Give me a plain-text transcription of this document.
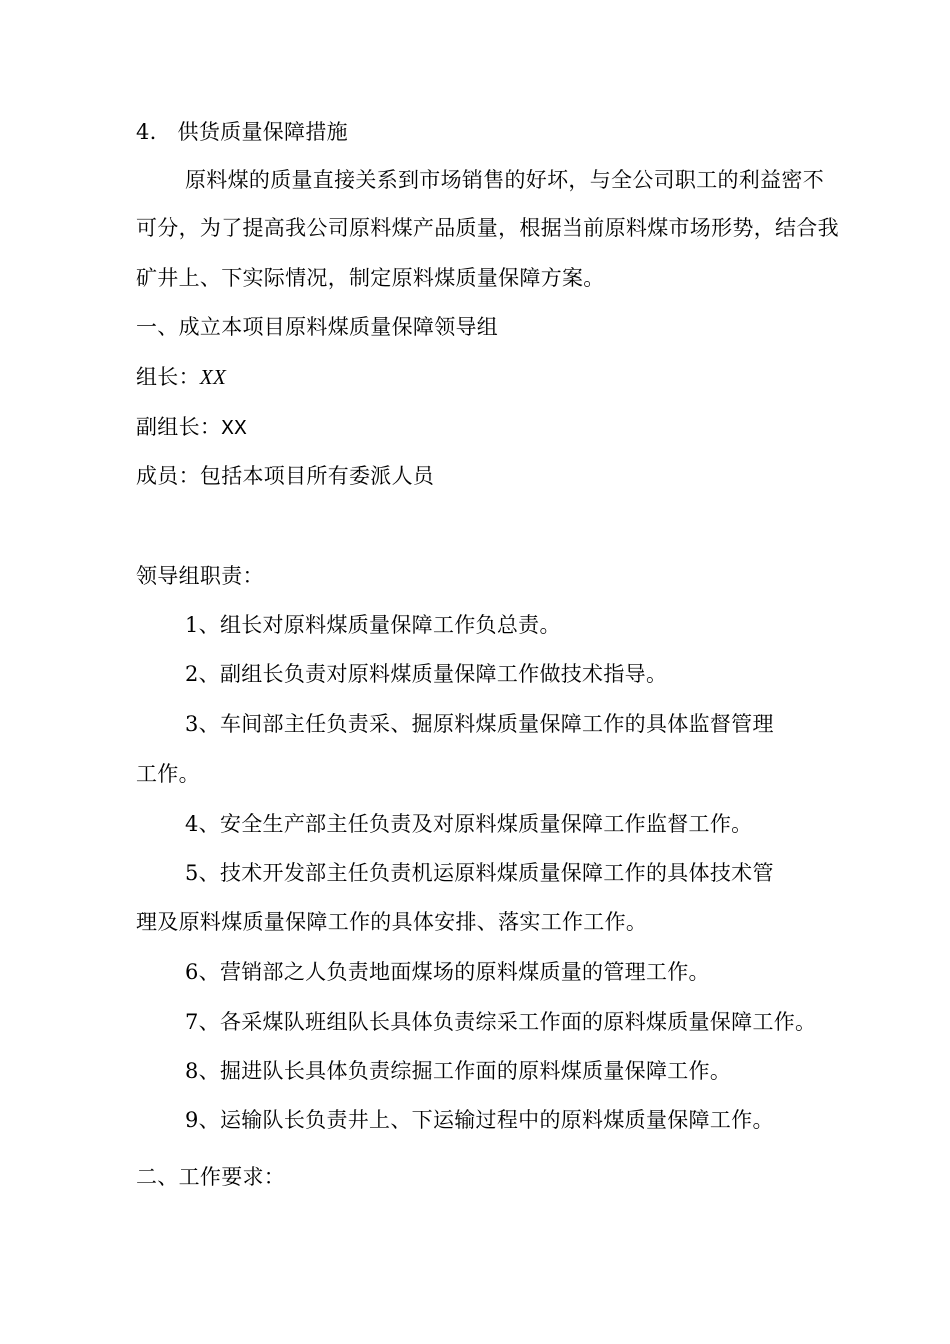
4.   供货质量保障措施
原料煤的质量直接关系到市场销售的好坏，与全公司职工的利益密不
可分，为了提高我公司原料煤产品质量，根据当前原料煤市场形势，结合我
矿井上、下实际情况，制定原料煤质量保障方案。
一、成立本项目原料煤质量保障领导组
组长：XX
副组长：XX
成员：包括本项目所有委派人员
领导组职责：
1、组长对原料煤质量保障工作负总责。
2、副组长负责对原料煤质量保障工作做技术指导。
3、车间部主任负责采、掘原料煤质量保障工作的具体监督管理
工作。
4、安全生产部主任负责及对原料煤质量保障工作监督工作。
5、技术开发部主任负责机运原料煤质量保障工作的具体技术管
理及原料煤质量保障工作的具体安排、落实工作工作。
6、营销部之人负责地面煤场的原料煤质量的管理工作。
7、各采煤队班组队长具体负责综采工作面的原料煤质量保障工作。
8、掘进队长具体负责综掘工作面的原料煤质量保障工作。
9、运输队长负责井上、下运输过程中的原料煤质量保障工作。
二、工作要求：
